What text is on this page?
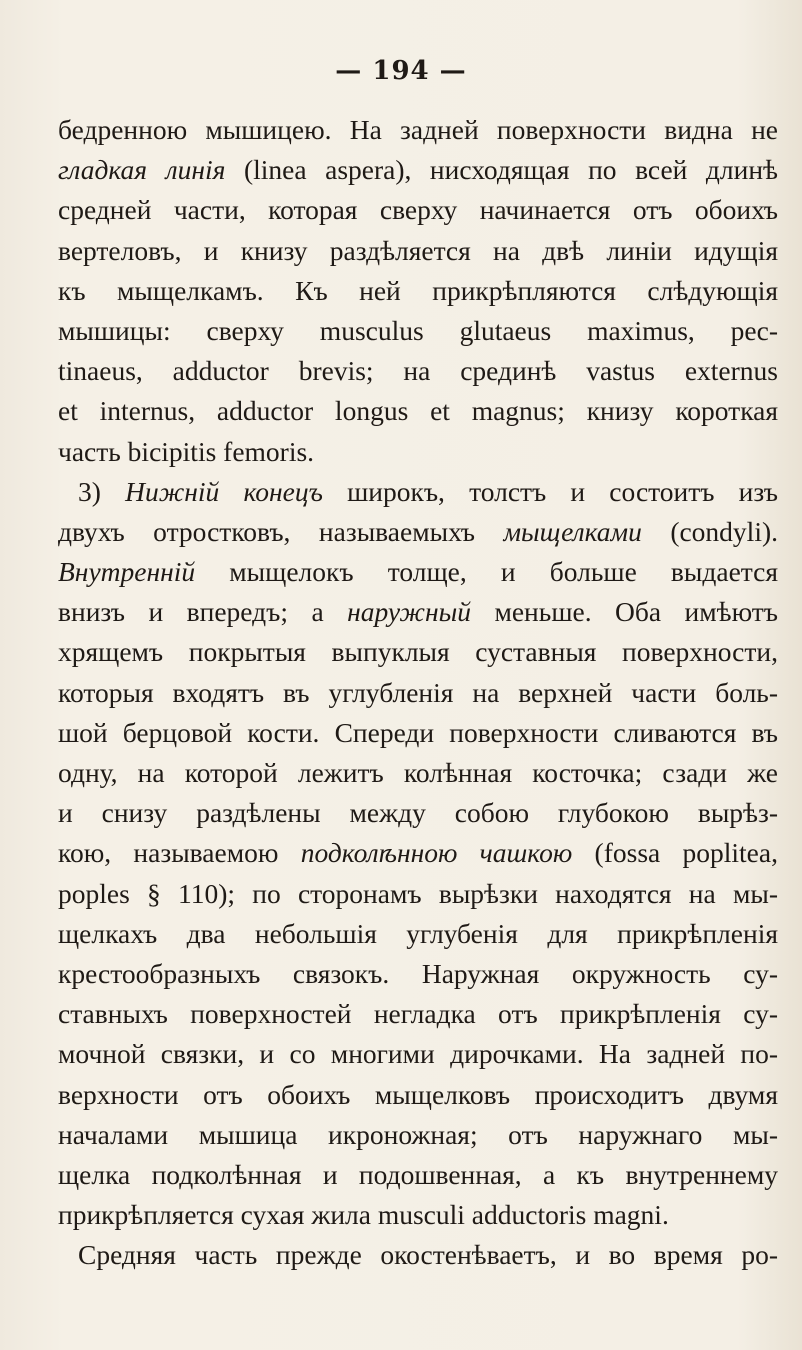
— 194 —
бедренною мышицею. На задней поверхности видна не
гладкая линія (linea aspera), нисходящая по всей длинѣ
средней части, которая сверху начинается отъ обоихъ
вертеловъ, и книзу раздѣляется на двѣ линіи идущія
къ мыщелкамъ. Къ ней прикрѣпляются слѣдующія
мышицы: сверху musculus glutaeus maximus, pec-
tinaeus, adductor brevis; на срединѣ vastus externus
et internus, adductor longus et magnus; книзу короткая
часть bicipitis femoris.
3) Нижній конецъ широкъ, толстъ и состоитъ изъ
двухъ отростковъ, называемыхъ мыщелками (condyli).
Внутренній мыщелокъ толще, и больше выдается
внизъ и впередъ; а наружный меньше. Оба имѣютъ
хрящемъ покрытыя выпуклыя суставныя поверхности,
которыя входятъ въ углубленія на верхней части боль-
шой берцовой кости. Спереди поверхности сливаются въ
одну, на которой лежитъ колѣнная косточка; сзади же
и снизу раздѣлены между собою глубокою вырѣз-
кою, называемою подколѣнною чашкою (fossa poplitea,
poples § 110); по сторонамъ вырѣзки находятся на мы-
щелкахъ два небольшія углубенія для прикрѣпленія
крестообразныхъ связокъ. Наружная окружность су-
ставныхъ поверхностей негладка отъ прикрѣпленія су-
мочной связки, и со многими дирочками. На задней по-
верхности отъ обоихъ мыщелковъ происходитъ двумя
началами мышица икроножная; отъ наружнаго мы-
щелка подколѣнная и подошвенная, а къ внутреннему
прикрѣпляется сухая жила musculi adductoris magni.
Средняя часть прежде окостенѣваетъ, и во время ро-
